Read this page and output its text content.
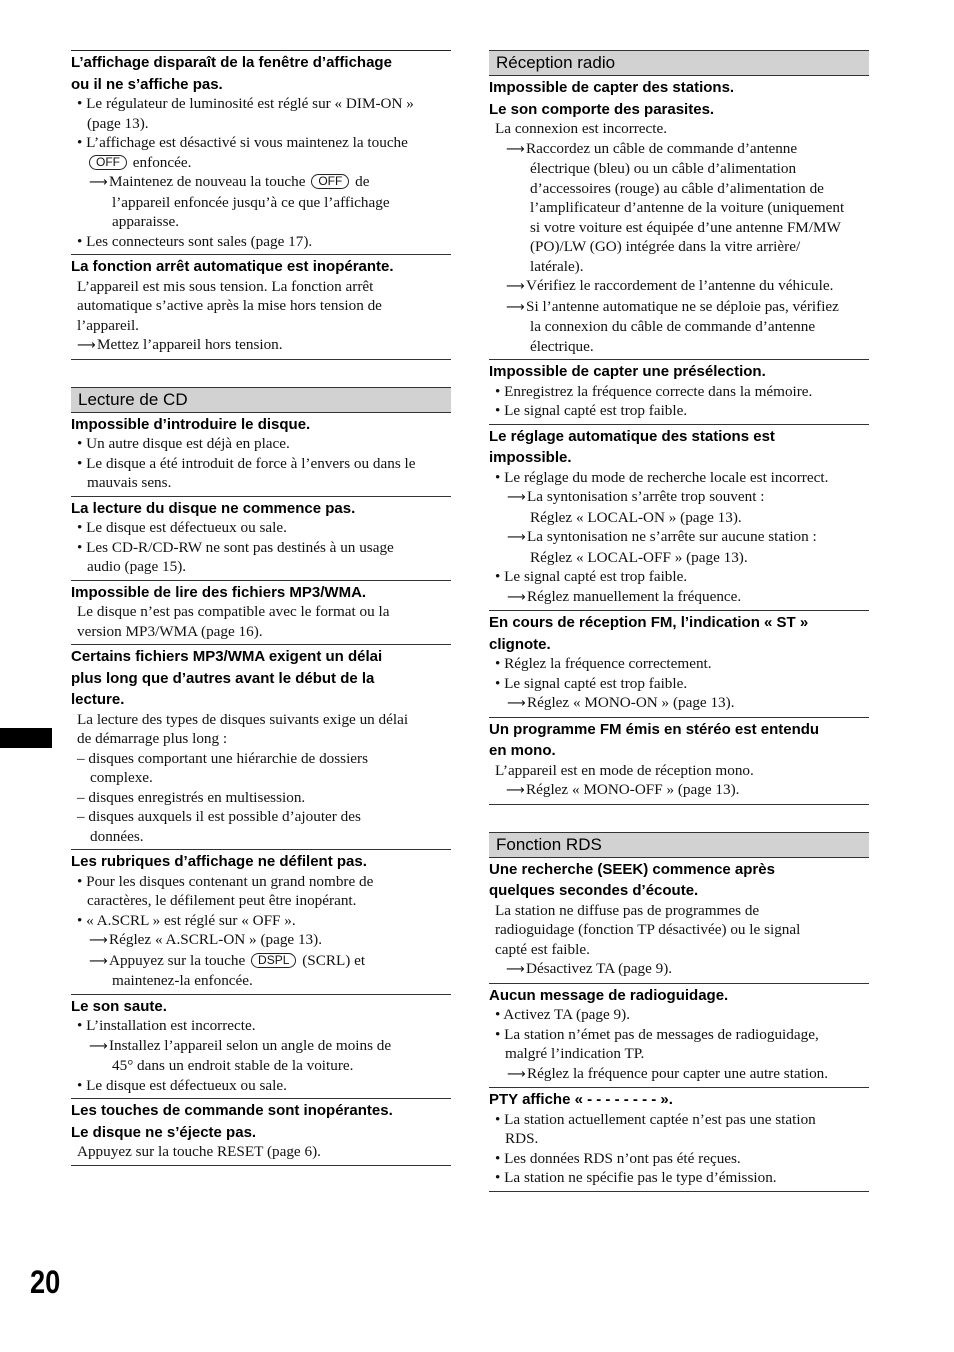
L’affichage disparaît de la fenêtre d’affichage
ou il ne s’affiche pas.
• Le régulateur de luminosité est réglé sur « DIM-ON »
(page 13).
• L’affichage est désactivé si vous maintenez la touche
OFF enfoncée.
⟶ Maintenez de nouveau la touche OFF de
l’appareil enfoncée jusqu’à ce que l’affichage
apparaisse.
• Les connecteurs sont sales (page 17).
La fonction arrêt automatique est inopérante.
L’appareil est mis sous tension. La fonction arrêt
automatique s’active après la mise hors tension de
l’appareil.
⟶ Mettez l’appareil hors tension.
Lecture de CD
Impossible d’introduire le disque.
• Un autre disque est déjà en place.
• Le disque a été introduit de force à l’envers ou dans le
mauvais sens.
La lecture du disque ne commence pas.
• Le disque est défectueux ou sale.
• Les CD-R/CD-RW ne sont pas destinés à un usage
audio (page 15).
Impossible de lire des fichiers MP3/WMA.
Le disque n’est pas compatible avec le format ou la
version MP3/WMA (page 16).
Certains fichiers MP3/WMA exigent un délai
plus long que d’autres avant le début de la
lecture.
La lecture des types de disques suivants exige un délai
de démarrage plus long :
– disques comportant une hiérarchie de dossiers
complexe.
– disques enregistrés en multisession.
– disques auxquels il est possible d’ajouter des
données.
Les rubriques d’affichage ne défilent pas.
• Pour les disques contenant un grand nombre de
caractères, le défilement peut être inopérant.
• « A.SCRL » est réglé sur « OFF ».
⟶ Réglez « A.SCRL-ON » (page 13).
⟶ Appuyez sur la touche DSPL (SCRL) et
maintenez-la enfoncée.
Le son saute.
• L’installation est incorrecte.
⟶ Installez l’appareil selon un angle de moins de
45° dans un endroit stable de la voiture.
• Le disque est défectueux ou sale.
Les touches de commande sont inopérantes.
Le disque ne s’éjecte pas.
Appuyez sur la touche RESET (page 6).
Réception radio
Impossible de capter des stations.
Le son comporte des parasites.
La connexion est incorrecte.
⟶ Raccordez un câble de commande d’antenne
électrique (bleu) ou un câble d’alimentation
d’accessoires (rouge) au câble d’alimentation de
l’amplificateur d’antenne de la voiture (uniquement
si votre voiture est équipée d’une antenne FM/MW
(PO)/LW (GO) intégrée dans la vitre arrière/
latérale).
⟶ Vérifiez le raccordement de l’antenne du véhicule.
⟶ Si l’antenne automatique ne se déploie pas, vérifiez
la connexion du câble de commande d’antenne
électrique.
Impossible de capter une présélection.
• Enregistrez la fréquence correcte dans la mémoire.
• Le signal capté est trop faible.
Le réglage automatique des stations est
impossible.
• Le réglage du mode de recherche locale est incorrect.
⟶ La syntonisation s’arrête trop souvent :
Réglez « LOCAL-ON » (page 13).
⟶ La syntonisation ne s’arrête sur aucune station :
Réglez « LOCAL-OFF » (page 13).
• Le signal capté est trop faible.
⟶ Réglez manuellement la fréquence.
En cours de réception FM, l’indication « ST »
clignote.
• Réglez la fréquence correctement.
• Le signal capté est trop faible.
⟶ Réglez « MONO-ON » (page 13).
Un programme FM émis en stéréo est entendu
en mono.
L’appareil est en mode de réception mono.
⟶ Réglez « MONO-OFF » (page 13).
Fonction RDS
Une recherche (SEEK) commence après
quelques secondes d’écoute.
La station ne diffuse pas de programmes de
radioguidage (fonction TP désactivée) ou le signal
capté est faible.
⟶ Désactivez TA (page 9).
Aucun message de radioguidage.
• Activez TA (page 9).
• La station n’émet pas de messages de radioguidage,
malgré l’indication TP.
⟶ Réglez la fréquence pour capter une autre station.
PTY affiche « - - - - - - - - ».
• La station actuellement captée n’est pas une station
RDS.
• Les données RDS n’ont pas été reçues.
• La station ne spécifie pas le type d’émission.
20
